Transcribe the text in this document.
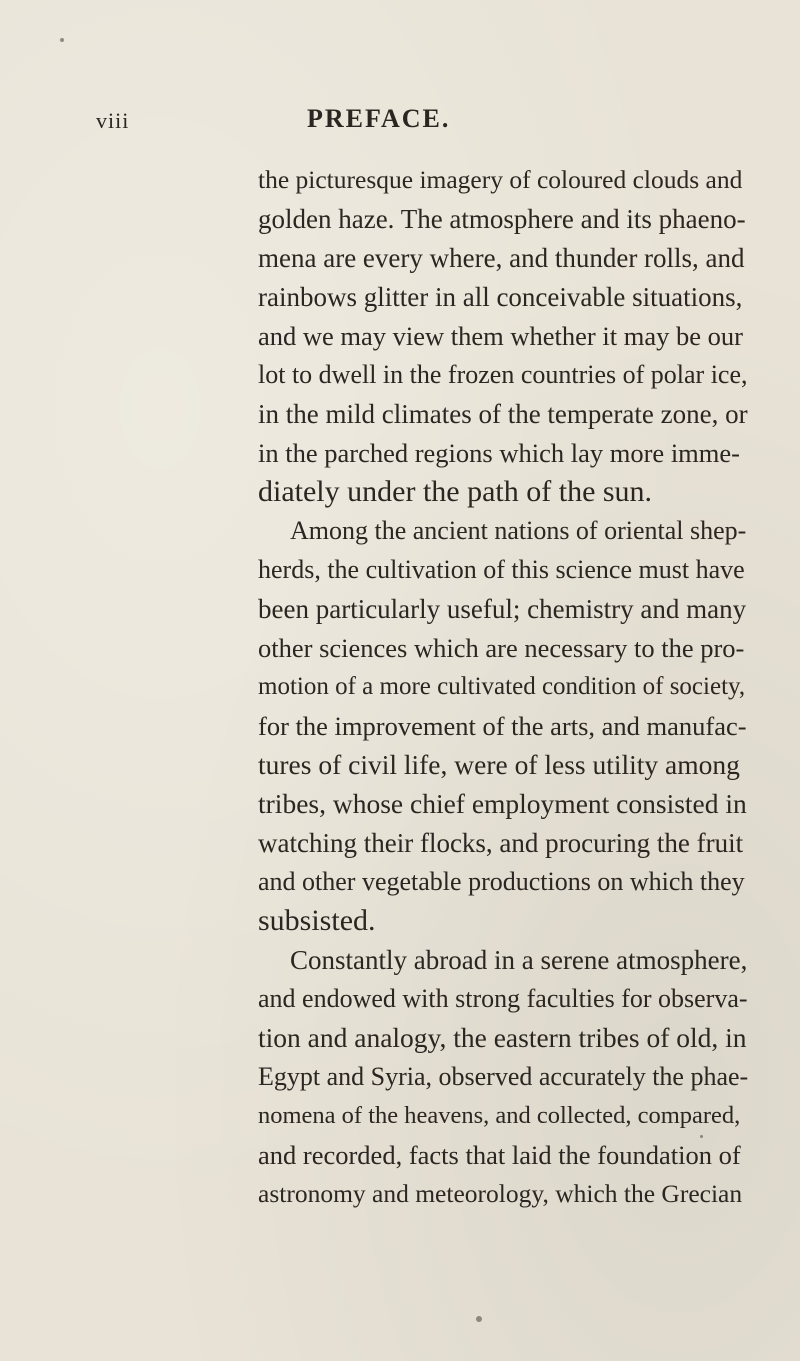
viii	PREFACE.
the picturesque imagery of coloured clouds and
golden haze. The atmosphere and its phaeno-
mena are every where, and thunder rolls, and
rainbows glitter in all conceivable situations,
and we may view them whether it may be our
lot to dwell in the frozen countries of polar ice,
in the mild climates of the temperate zone, or
in the parched regions which lay more imme-
diately under the path of the sun.
Among the ancient nations of oriental shep-
herds, the cultivation of this science must have
been particularly useful; chemistry and many
other sciences which are necessary to the pro-
motion of a more cultivated condition of society,
for the improvement of the arts, and manufac-
tures of civil life, were of less utility among
tribes, whose chief employment consisted in
watching their flocks, and procuring the fruit
and other vegetable productions on which they
subsisted.
Constantly abroad in a serene atmosphere,
and endowed with strong faculties for observa-
tion and analogy, the eastern tribes of old, in
Egypt and Syria, observed accurately the phae-
nomena of the heavens, and collected, compared,
and recorded, facts that laid the foundation of
astronomy and meteorology, which the Grecian
